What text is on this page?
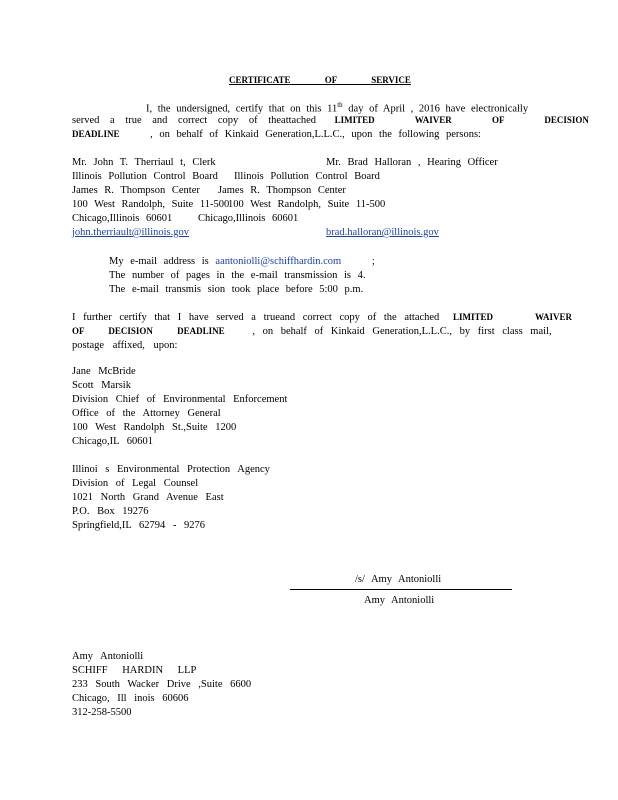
CERTIFICATE OF SERVICE
I, the undersigned, certify that on this 11th day of April , 2016 have electronically
served a true and correct copy of theattached LIMITED WAIVER OF DECISION
DEADLINE	, on behalf of Kinkaid Generation,L.L.C., upon the following persons:
Mr. John T. Therriaul t, Clerk
Illinois Pollution Control Board
James R. Thompson Center
100 West Randolph, Suite 11-500
Chicago,Illinois 60601
john.therriault@illinois.gov
Mr. Brad Halloran , Hearing Officer
Illinois Pollution Control Board
James R. Thompson Center
100 West Randolph, Suite 11-500
Chicago,Illinois 60601
brad.halloran@illinois.gov
My e-mail address is aantoniolli@schiffhardin.com	;
The number of pages in the e-mail transmission is 4.
The e-mail transmis sion took place before 5:00 p.m.
I further certify that I have served a trueand correct copy of the attached LIMITED WAIVER
OF DECISION DEADLINE	, on behalf of Kinkaid Generation,L.L.C., by first class mail,
postage affixed, upon:
Jane McBride
Scott Marsik
Division Chief of Environmental Enforcement
Office of the Attorney General
100 West Randolph St.,Suite 1200
Chicago,IL 60601
Illinoi s Environmental Protection Agency
Division of Legal Counsel
1021 North Grand Avenue East
P.O. Box 19276
Springfield,IL 62794 - 9276
/s/ Amy Antoniolli
Amy Antoniolli
Amy Antoniolli
SCHIFF HARDIN LLP
233 South Wacker Drive ,Suite 6600
Chicago, Ill inois 60606
312-258-5500
